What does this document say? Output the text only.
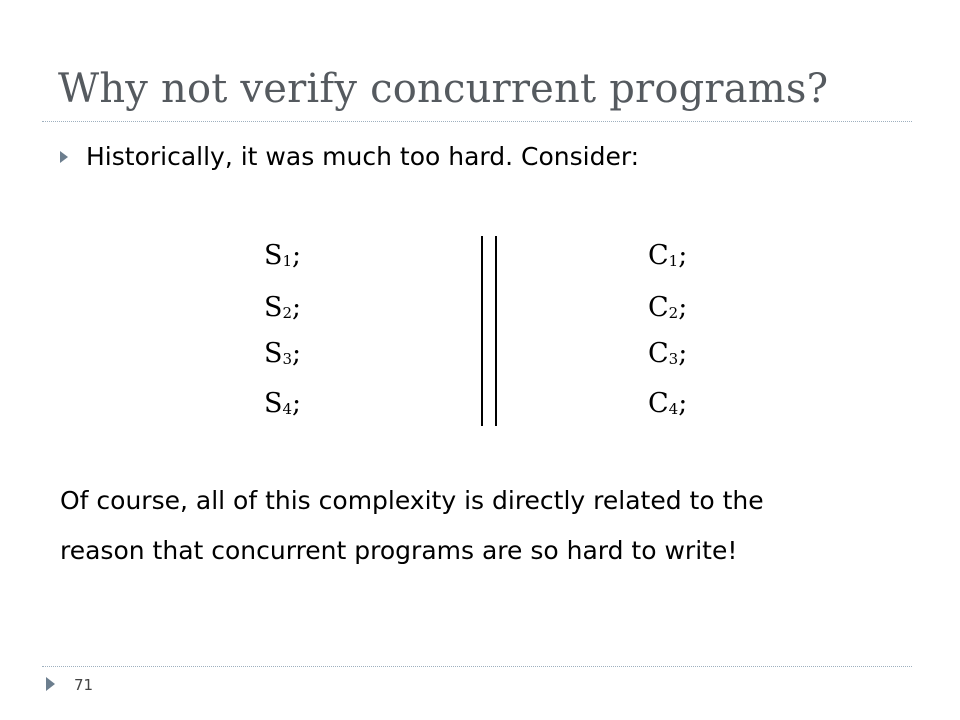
Why not verify concurrent programs?
Historically, it was much too hard. Consider:
$S_1$;
$S_2$;
$S_3$;
$S_4$;
$C_1$;
$C_2$;
$C_3$;
$C_4$;
Of course, all of this complexity is directly related to the
reason that concurrent programs are so hard to write!
71
